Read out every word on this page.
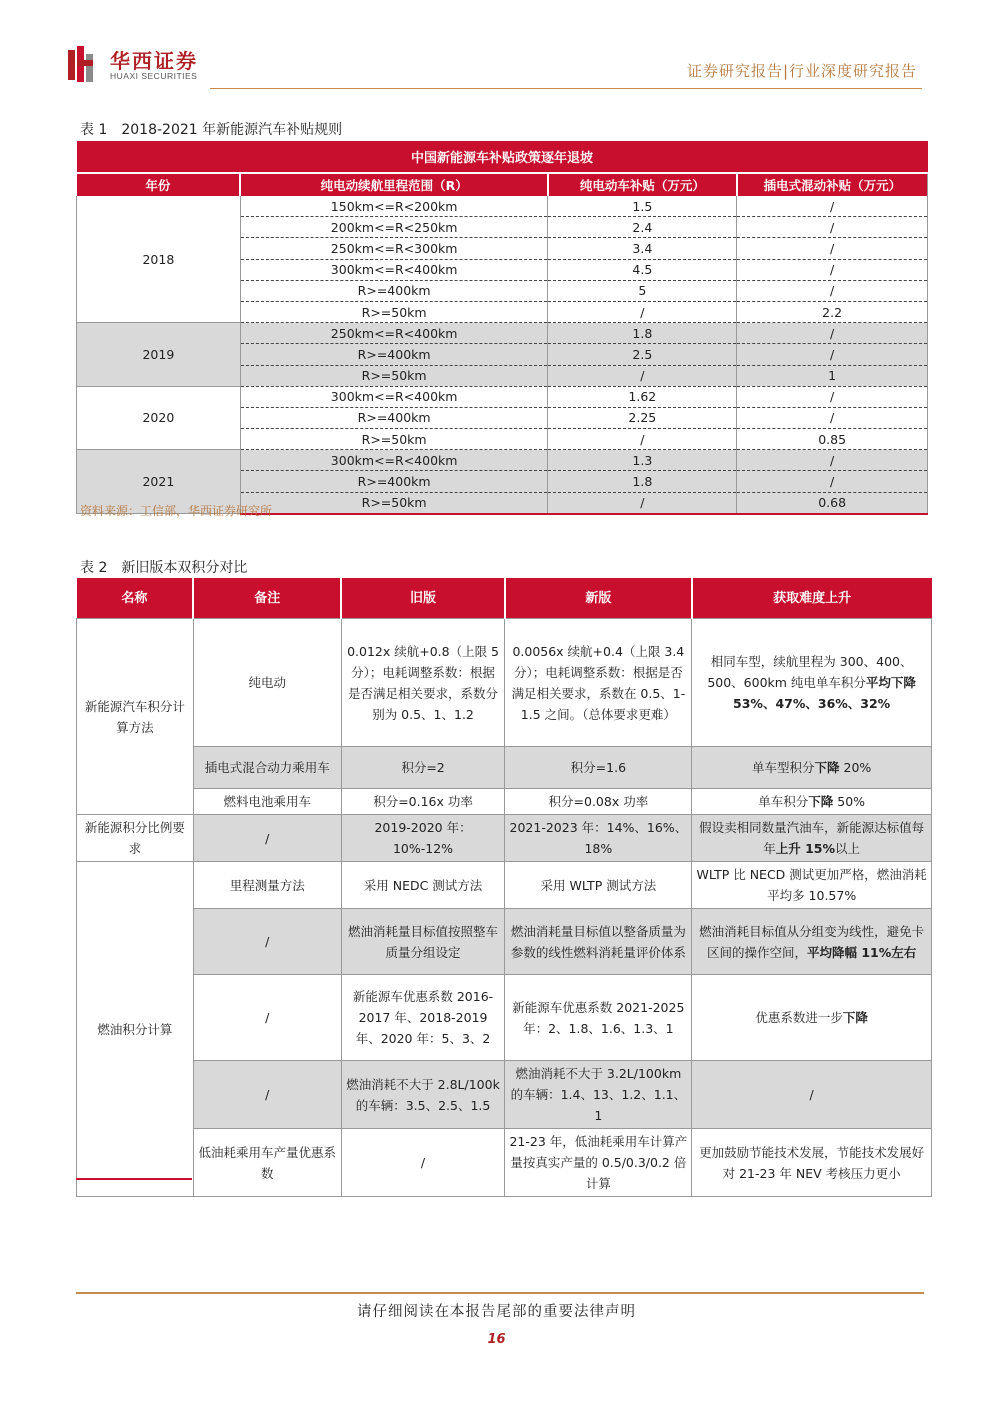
华西证券
HUAXI SECURITIES	证券研究报告|行业深度研究报告
表 1 2018-2021 年新能源汽车补贴规则
中国新能源车补贴政策逐年退坡			
年份	纯电动续航里程范围（R）	纯电动车补贴（万元）	插电式混动补贴（万元）
2018	150km<=R<200km	1.5	/
	200km<=R<250km	2.4	/
	250km<=R<300km	3.4	/
	300km<=R<400km	4.5	/
	R>=400km	5	/
	R>=50km	/	2.2
2019	250km<=R<400km	1.8	/
	R>=400km	2.5	/
	R>=50km	/	1
2020	300km<=R<400km	1.62	/
	R>=400km	2.25	/
	R>=50km	/	0.85
2021	300km<=R<400km	1.3	/
	R>=400km	1.8	/
	R>=50km	/	0.68
资料来源：工信部，华西证券研究所
表 2 新旧版本双积分对比
名称	备注	旧版	新版	获取难度上升
新能源汽车积分计算方法	纯电动	0.012x 续航+0.8（上限 5 分）；电耗调整系数：根据是否满足相关要求，系数分别为 0.5、1、1.2	0.0056x 续航+0.4（上限 3.4 分）；电耗调整系数：根据是否满足相关要求，系数在 0.5、1-1.5 之间。（总体要求更难）	相同车型，续航里程为 300、400、500、600km 纯电单车积分平均下降 53%、47%、36%、32%
	插电式混合动力乘用车	积分=2	积分=1.6	单车型积分下降 20%
	燃料电池乘用车	积分=0.16x 功率	积分=0.08x 功率	单车积分下降 50%
新能源积分比例要求	/	2019-2020 年：10%-12%	2021-2023 年：14%、16%、18%	假设卖相同数量汽油车，新能源达标值每年上升 15%以上
燃油积分计算	里程测量方法	采用 NEDC 测试方法	采用 WLTP 测试方法	WLTP 比 NECD 测试更加严格，燃油消耗平均多 10.57%
	/	燃油消耗量目标值按照整车质量分组设定	燃油消耗量目标值以整备质量为参数的线性燃料消耗量评价体系	燃油消耗目标值从分组变为线性，避免卡区间的操作空间，平均降幅 11%左右
	/	新能源车优惠系数 2016-2017 年、2018-2019 年、2020 年：5、3、2	新能源车优惠系数 2021-2025 年：2、1.8、1.6、1.3、1	优惠系数进一步下降
	/	燃油消耗不大于 2.8L/100k 的车辆：3.5、2.5、1.5	燃油消耗不大于 3.2L/100km 的车辆：1.4、13、1.2、1.1、1	/
	低油耗乘用车产量优惠系数	/	21-23 年，低油耗乘用车计算产量按真实产量的 0.5/0.3/0.2 倍计算	更加鼓励节能技术发展，节能技术发展好对 21-23 年 NEV 考核压力更小
请仔细阅读在本报告尾部的重要法律声明
16
